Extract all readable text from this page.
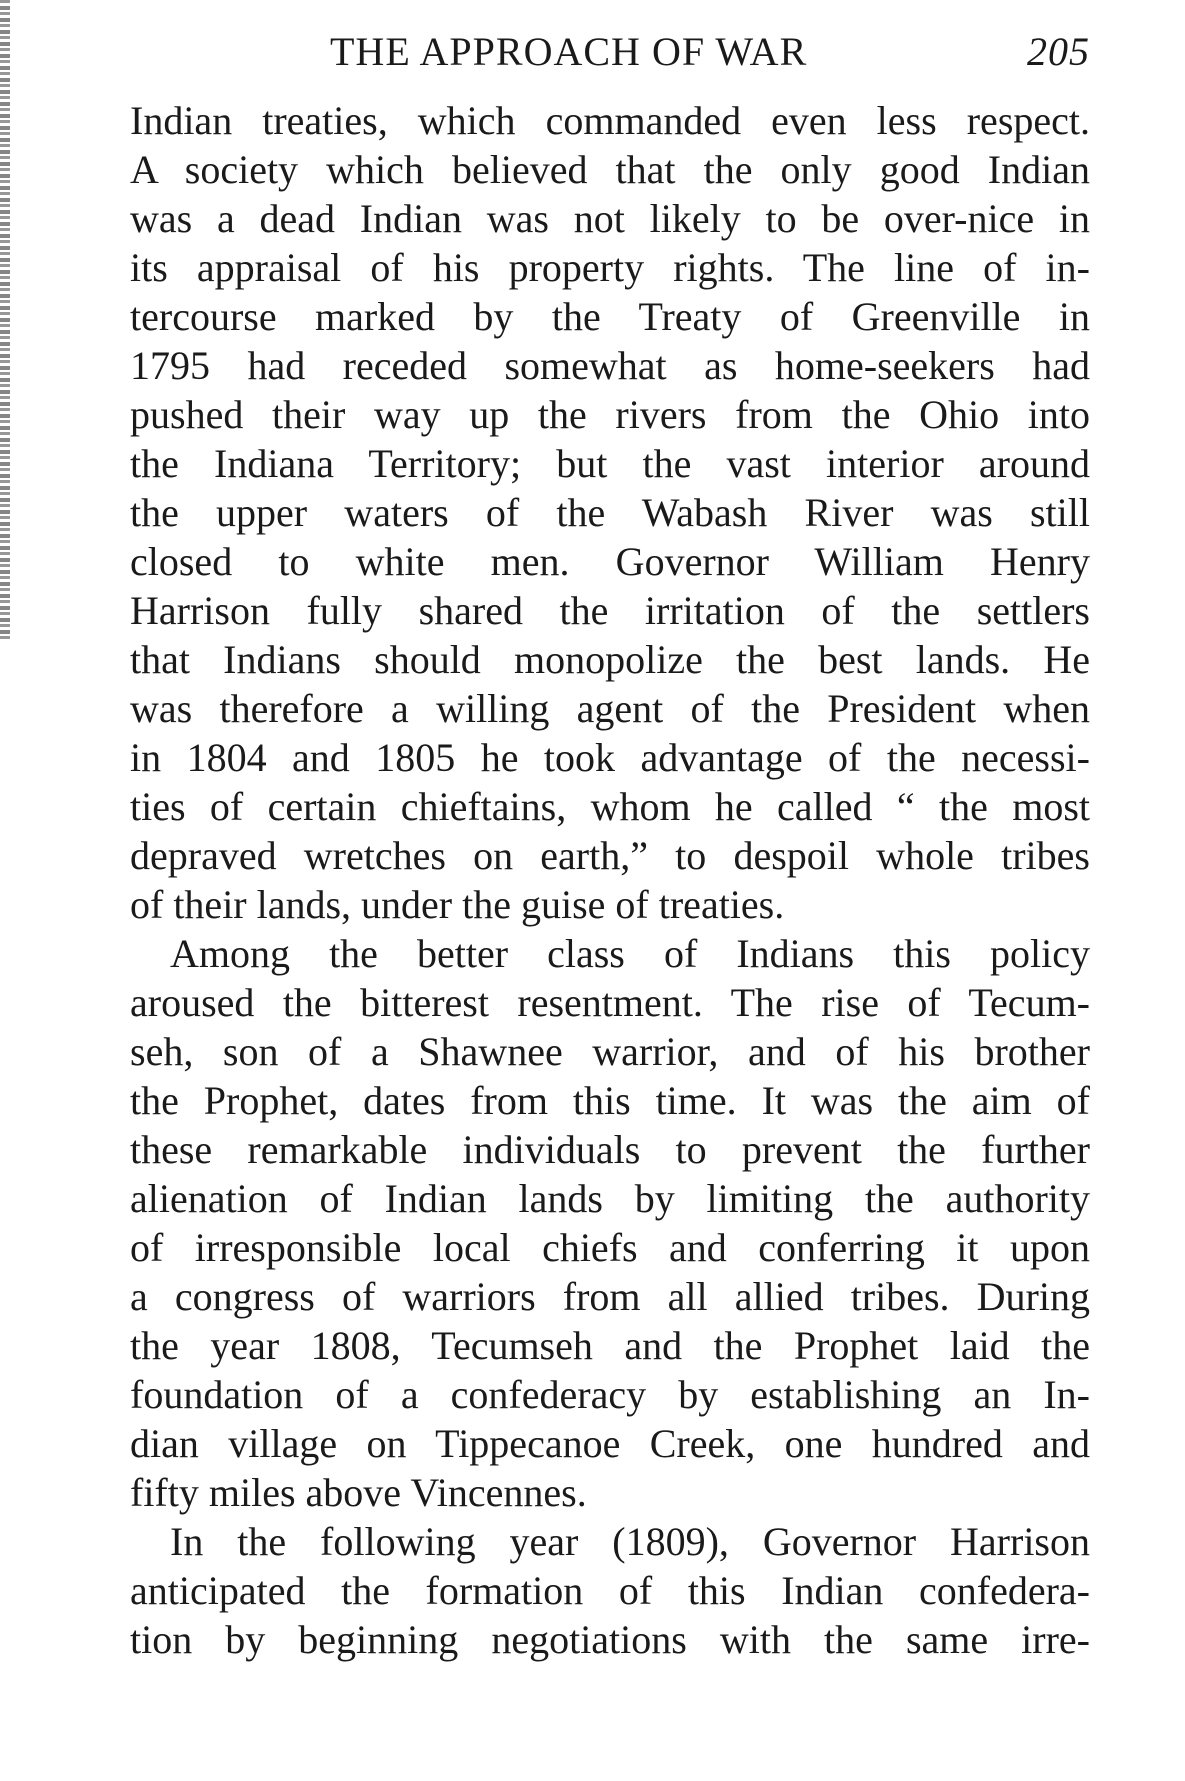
THE APPROACH OF WAR	205
Indian treaties, which commanded even less respect.
A society which believed that the only good Indian
was a dead Indian was not likely to be over-nice in
its appraisal of his property rights. The line of in-
tercourse marked by the Treaty of Greenville in
1795 had receded somewhat as home-seekers had
pushed their way up the rivers from the Ohio into
the Indiana Territory; but the vast interior around
the upper waters of the Wabash River was still
closed to white men. Governor William Henry
Harrison fully shared the irritation of the settlers
that Indians should monopolize the best lands. He
was therefore a willing agent of the President when
in 1804 and 1805 he took advantage of the necessi-
ties of certain chieftains, whom he called “ the most
depraved wretches on earth,” to despoil whole tribes
of their lands, under the guise of treaties.
Among the better class of Indians this policy
aroused the bitterest resentment. The rise of Tecum-
seh, son of a Shawnee warrior, and of his brother
the Prophet, dates from this time. It was the aim of
these remarkable individuals to prevent the further
alienation of Indian lands by limiting the authority
of irresponsible local chiefs and conferring it upon
a congress of warriors from all allied tribes. During
the year 1808, Tecumseh and the Prophet laid the
foundation of a confederacy by establishing an In-
dian village on Tippecanoe Creek, one hundred and
fifty miles above Vincennes.
In the following year (1809), Governor Harrison
anticipated the formation of this Indian confedera-
tion by beginning negotiations with the same irre-
